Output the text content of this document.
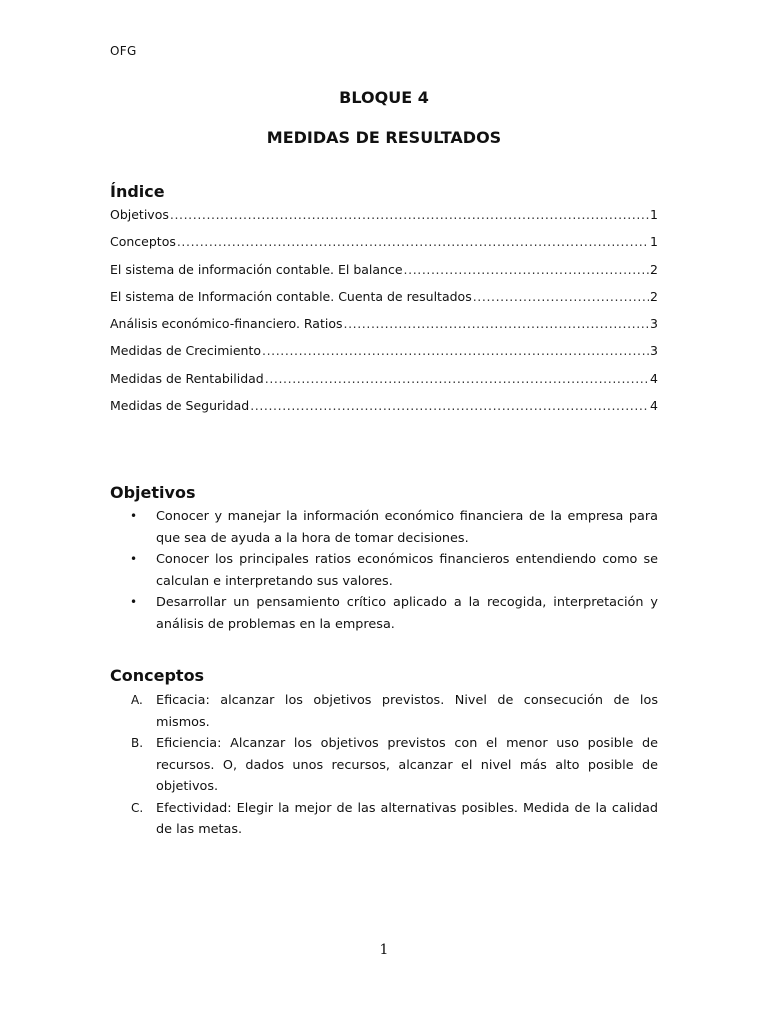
OFG
BLOQUE 4
MEDIDAS DE RESULTADOS
Índice
Objetivos .....	1
Conceptos .....	1
El sistema de información contable. El balance .....	2
El sistema de Información contable. Cuenta de resultados .....	2
Análisis económico-financiero. Ratios .....	3
Medidas de Crecimiento .....	3
Medidas de Rentabilidad .....	4
Medidas de Seguridad .....	4
Objetivos
• Conocer y manejar la información económico financiera de la empresa para que sea de ayuda a la hora de tomar decisiones.
• Conocer los principales ratios económicos financieros entendiendo como se calculan e interpretando sus valores.
• Desarrollar un pensamiento crítico aplicado a la recogida, interpretación y análisis de problemas en la empresa.
Conceptos
A. Eficacia: alcanzar los objetivos previstos. Nivel de consecución de los mismos.
B. Eficiencia: Alcanzar los objetivos previstos con el menor uso posible de recursos. O, dados unos recursos, alcanzar el nivel más alto posible de objetivos.
C. Efectividad: Elegir la mejor de las alternativas posibles. Medida de la calidad de las metas.
1
